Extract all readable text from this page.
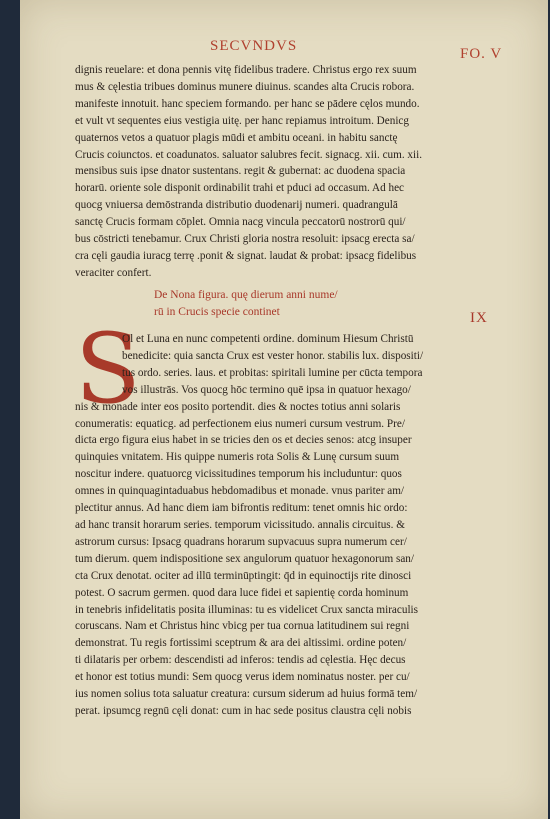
SECVNDVS	FO. V
dignis reuelare: et dona pennis vitę fidelibus tradere. Christus ergo rex suum
mus & cęlestia tribues dominus munere diuinus. scandes alta Crucis robora.
manifeste innotuit. hanc speciem formando. per hanc se pādere cęlos mundo.
et vult vt sequentes eius vestigia uitę. per hanc repiamus introitum. Denicg
quaternos vetos a quatuor plagis mūdi et ambitu oceani. in habitu sanctę
Crucis coiunctos. et coadunatos. saluator salubres fecit. signacg. xii. cum. xii.
mensibus suis ipse dnator sustentans. regit & gubernat: ac duodena spacia
horarū. oriente sole disponit ordinabilit trahi et pduci ad occasum. Ad hec
quocg vniuersa demōstranda distributio duodenarij numeri. quadrangulā
sanctę Crucis formam cōplet. Omnia nacg vincula peccatorū nostrorū qui/
bus cōstricti tenebamur. Crux Christi gloria nostra resoluit: ipsacg erecta sa/
cra cęli gaudia iuracg terrę .ponit & signat. laudat & probat: ipsacg fidelibus
veraciter confert.
De Nona figura. quę dierum anni nume/
rū in Crucis specie continet	IX
S
Ol et Luna en nunc competenti ordine. dominum Hiesum Christū
benedicite: quia sancta Crux est vester honor. stabilis lux. dispositi/
tus ordo. series. laus. et probitas: spiritali lumine per cūcta tempora
vos illustrās. Vos quocg hōc termino quē ipsa in quatuor hexago/
nis & monade inter eos posito portendit. dies & noctes totius anni solaris
conumeratis: equaticg. ad perfectionem eius numeri cursum vestrum. Pre/
dicta ergo figura eius habet in se tricies den os et decies senos: atcg insuper
quinquies vnitatem. His quippe numeris rota Solis & Lunę cursum suum
noscitur indere. quatuorcg vicissitudines temporum his includuntur: quos
omnes in quinquagintaduabus hebdomadibus et monade. vnus pariter am/
plectitur annus. Ad hanc diem iam bifrontis reditum: tenet omnis hic ordo:
ad hanc transit horarum series. temporum vicissitudo. annalis circuitus. &
astrorum cursus: Ipsacg quadrans horarum supvacuus supra numerum cer/
tum dierum. quem indispositione sex angulorum quatuor hexagonorum san/
cta Crux denotat. ociter ad illū terminūptingit: q̄d in equinoctijs rite dinosci
potest. O sacrum germen. quod dara luce fidei et sapientię corda hominum
in tenebris infidelitatis posita illuminas: tu es videlicet Crux sancta miraculis
coruscans. Nam et Christus hinc vbicg per tua cornua latitudinem sui regni
demonstrat. Tu regis fortissimi sceptrum & ara dei altissimi. ordine poten/
ti dilataris per orbem: descendisti ad inferos: tendis ad cęlestia. Hęc decus
et honor est totius mundi: Sem quocg verus idem nominatus noster. per cu/
ius nomen solius tota saluatur creatura: cursum siderum ad huius formā tem/
perat. ipsumcg regnū cęli donat: cum in hac sede positus claustra cęli nobis
